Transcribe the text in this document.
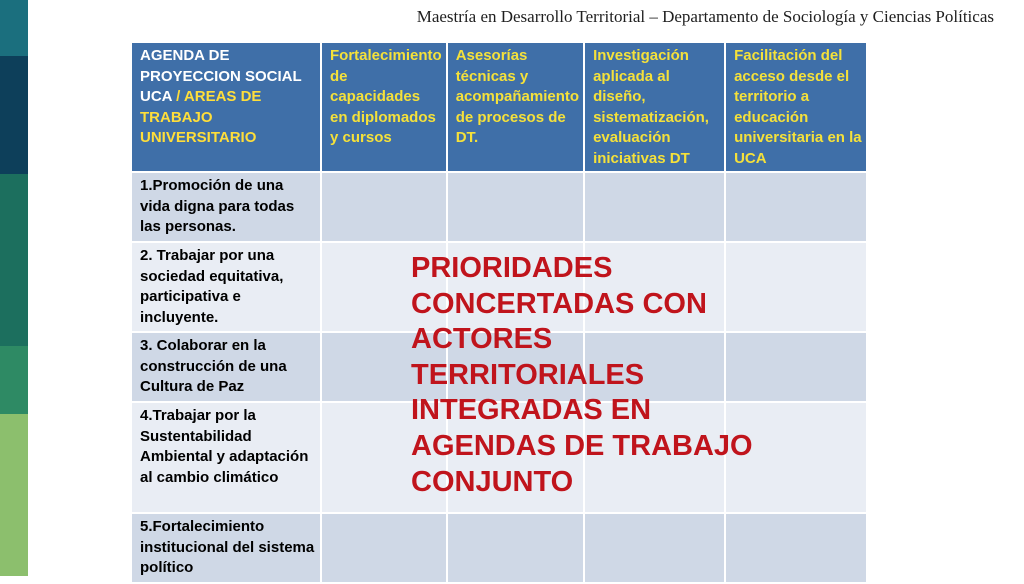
Maestría en Desarrollo Territorial – Departamento de Sociología y Ciencias Políticas
AGENDA DE PROYECCION SOCIAL UCA / AREAS DE TRABAJO UNIVERSITARIO	Fortalecimiento de capacidades en diplomados y cursos	Asesorías técnicas y acompañamiento de procesos de DT.	Investigación aplicada al diseño, sistematización, evaluación iniciativas DT	Facilitación del acceso desde el territorio a educación universitaria en la UCA
1.Promoción de una vida digna para todas las personas.				
2. Trabajar por una sociedad equitativa, participativa e incluyente.				
3. Colaborar en la construcción de una Cultura de Paz				
4.Trabajar por la Sustentabilidad Ambiental y adaptación al cambio climático				
5.Fortalecimiento institucional del sistema político				
PRIORIDADES CONCERTADAS CON ACTORES TERRITORIALES INTEGRADAS EN AGENDAS DE TRABAJO CONJUNTO
